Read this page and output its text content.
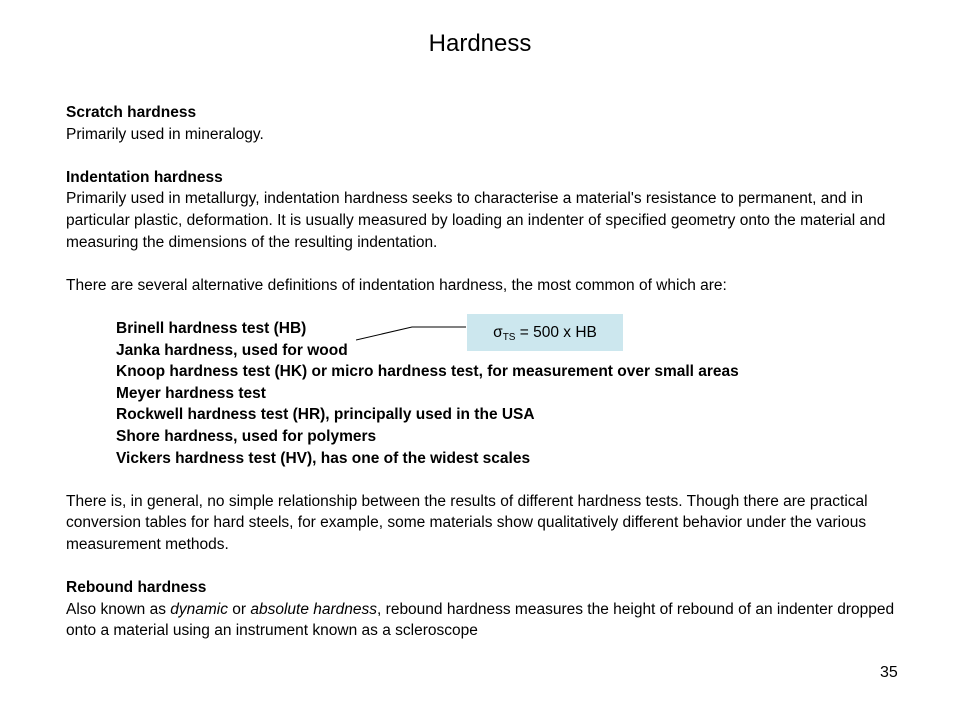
Hardness

Scratch hardness

Primarily used in mineralogy.

Indentation hardness

Primarily used in metallurgy, indentation hardness seeks to characterise a material's resistance to permanent, and in particular plastic, deformation. It is usually measured by loading an indenter of specified geometry onto the material and measuring the dimensions of the resulting indentation.

There are several alternative definitions of indentation hardness, the most common of which are:

Brinell hardness test (HB)
Janka hardness, used for wood
Knoop hardness test (HK) or micro hardness test, for measurement over small areas
Meyer hardness test
Rockwell hardness test (HR), principally used in the USA
Shore hardness, used for polymers
Vickers hardness test (HV), has one of the widest scales

There is, in general, no simple relationship between the results of different hardness tests. Though there are practical conversion tables for hard steels, for example, some materials show qualitatively different behavior under the various measurement methods.

Rebound hardness

Also known as dynamic or absolute hardness, rebound hardness measures the height of rebound of an indenter dropped onto a material using an instrument known as a scleroscope

$\sigma_{TS} = 500$ x HB
35
